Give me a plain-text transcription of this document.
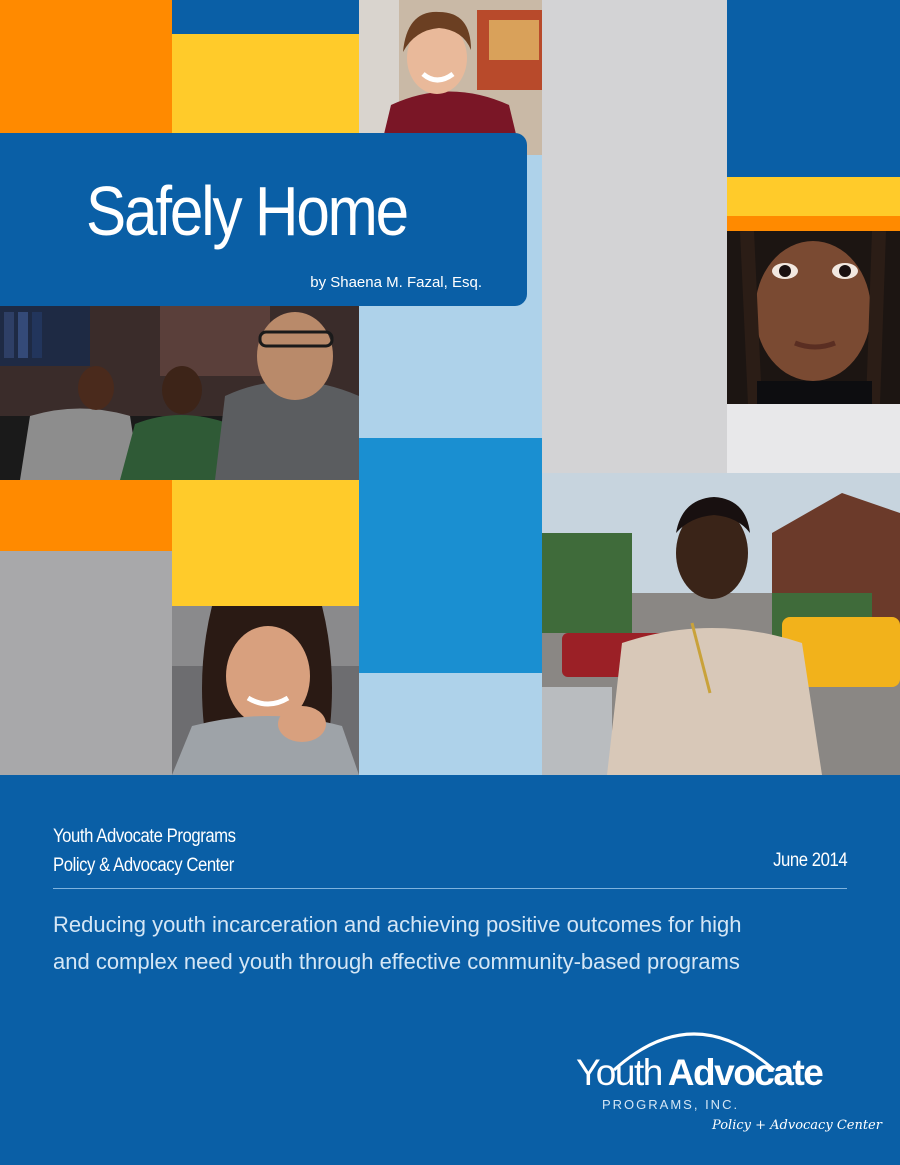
Safely Home
by Shaena M. Fazal, Esq.
Youth Advocate Programs
Policy & Advocacy Center	June 2014
Reducing youth incarceration and achieving positive outcomes for high
and complex need youth through effective community-based programs
Youth Advocate
PROGRAMS, INC.
Policy + Advocacy Center
